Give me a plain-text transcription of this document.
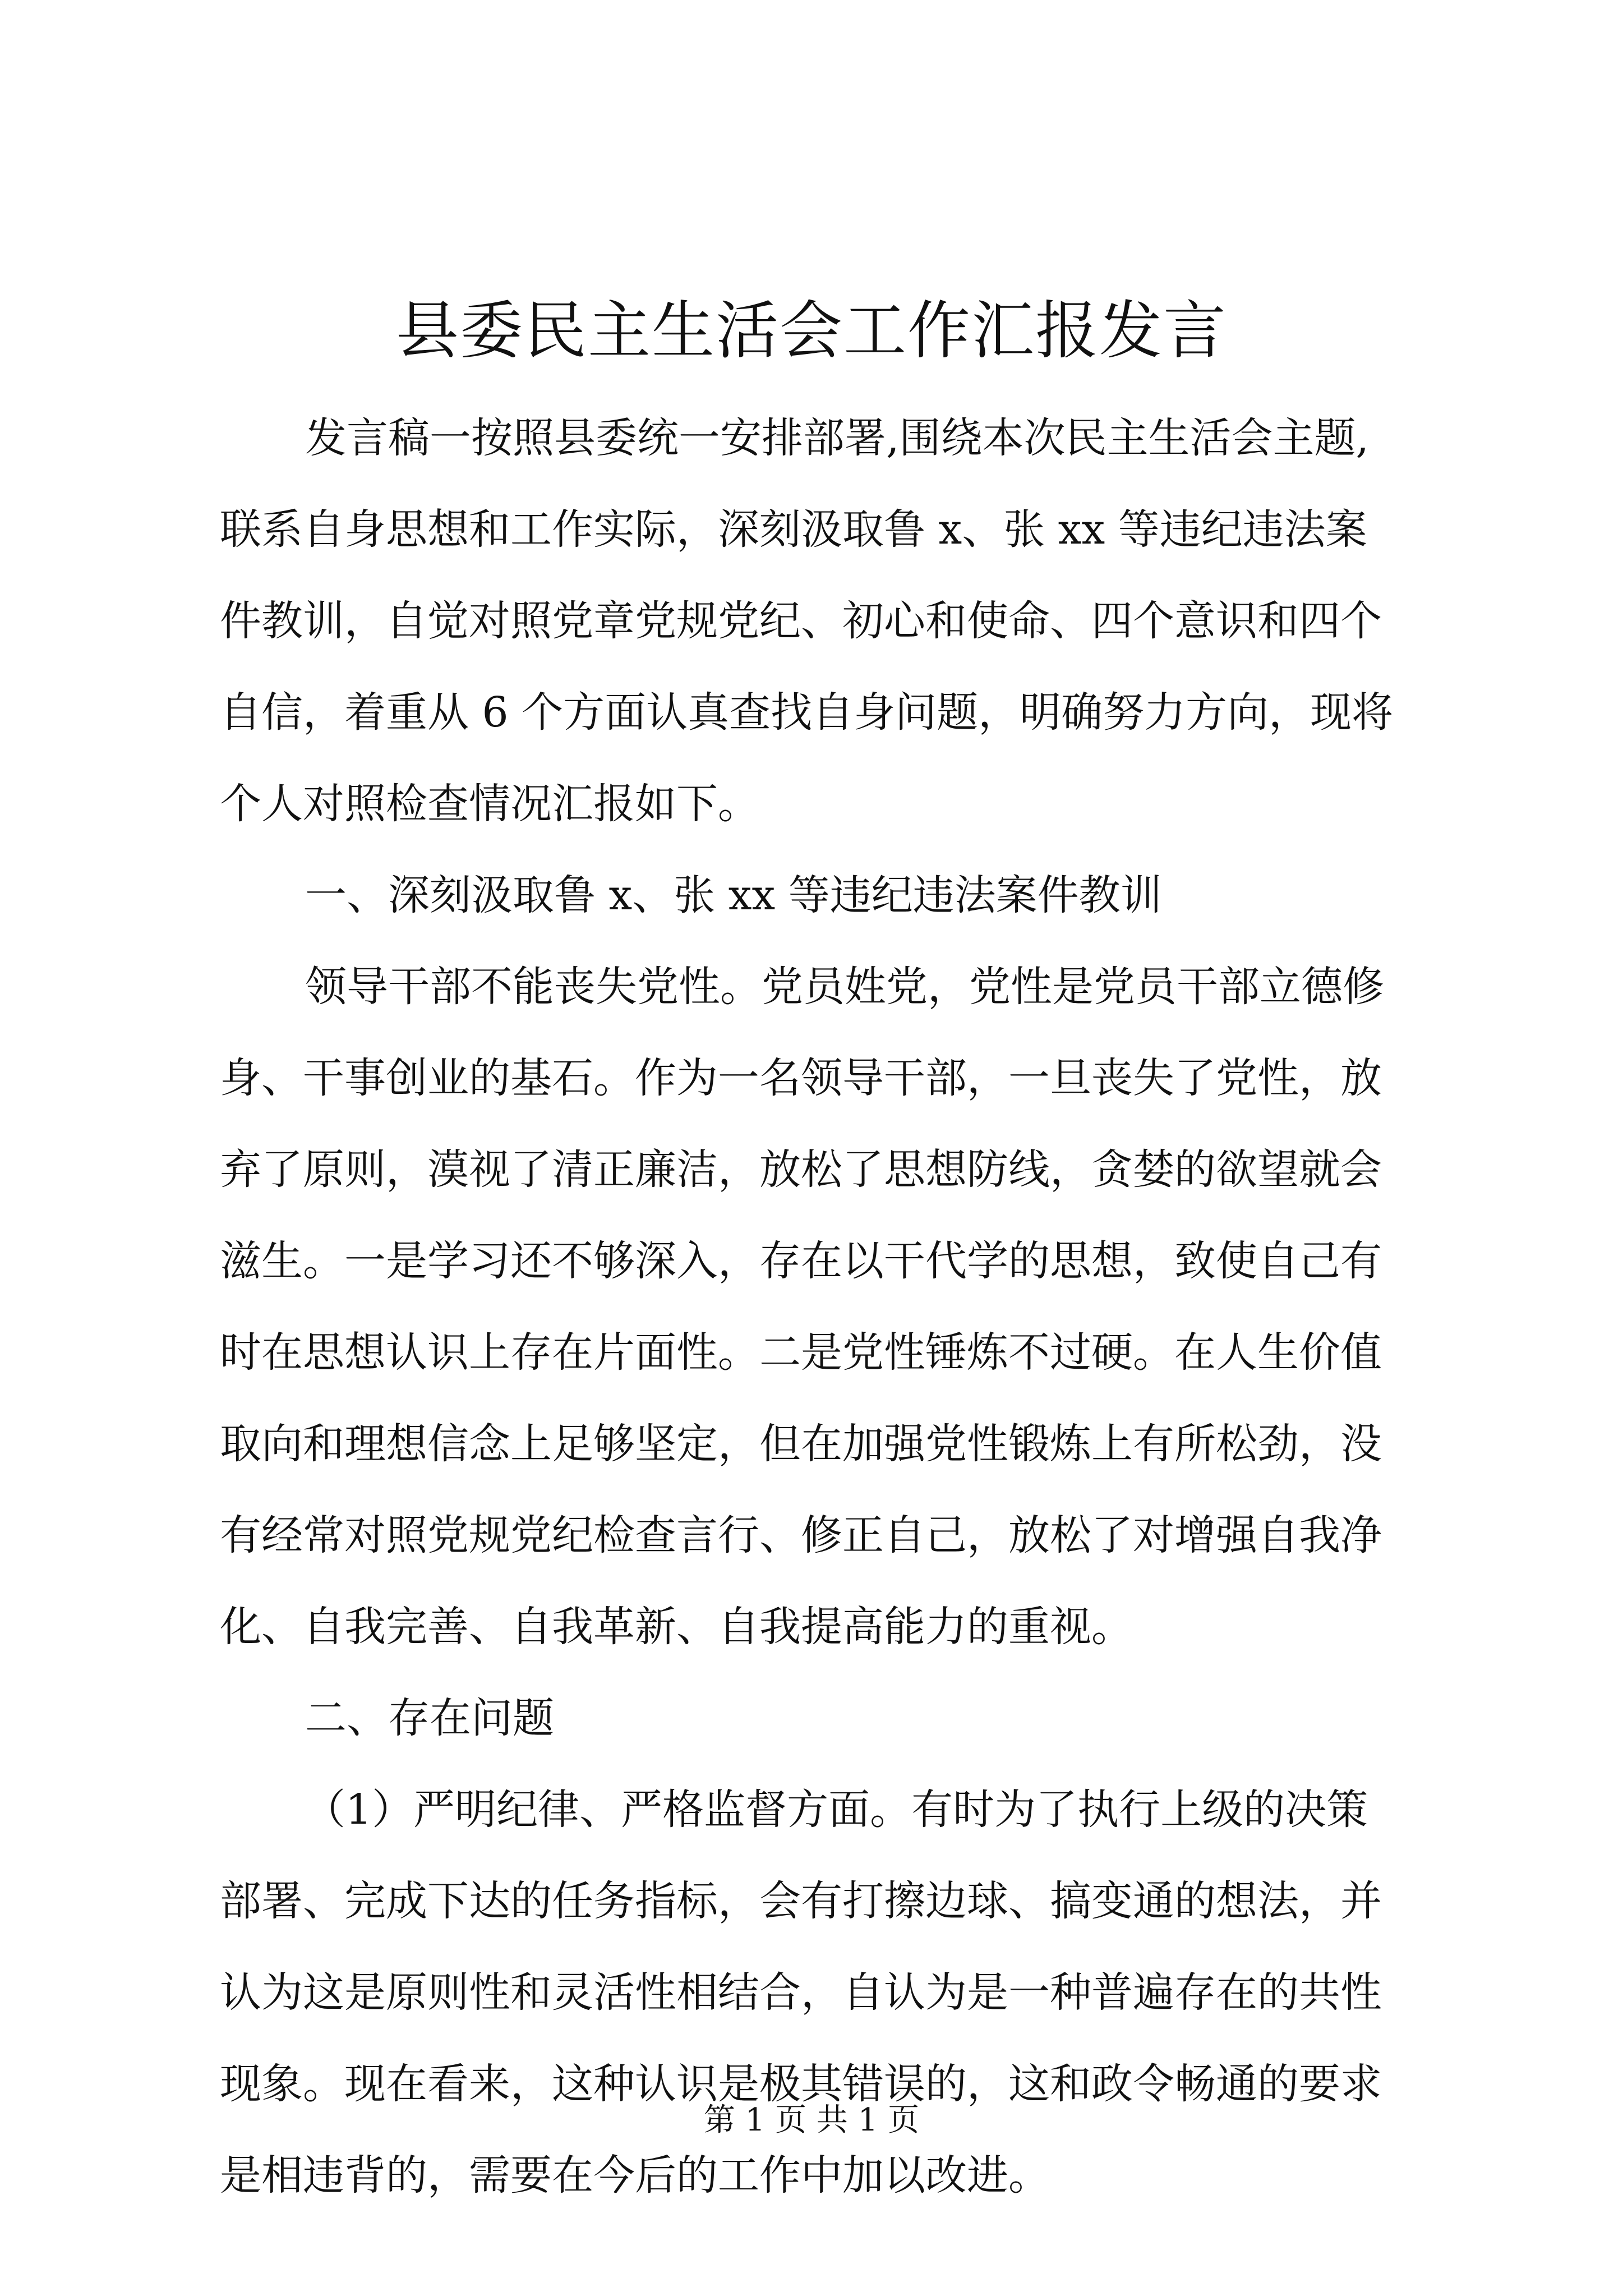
县委民主生活会工作汇报发言
发言稿一按照县委统一安排部署,围绕本次民主生活会主题,
联系自身思想和工作实际，深刻汲取鲁 x、张 xx 等违纪违法案
件教训，自觉对照党章党规党纪、初心和使命、四个意识和四个
自信，着重从 6 个方面认真查找自身问题，明确努力方向，现将
个人对照检查情况汇报如下。
一、深刻汲取鲁 x、张 xx 等违纪违法案件教训
领导干部不能丧失党性。党员姓党，党性是党员干部立德修
身、干事创业的基石。作为一名领导干部，一旦丧失了党性，放
弃了原则，漠视了清正廉洁，放松了思想防线，贪婪的欲望就会
滋生。一是学习还不够深入，存在以干代学的思想，致使自己有
时在思想认识上存在片面性。二是党性锤炼不过硬。在人生价值
取向和理想信念上足够坚定，但在加强党性锻炼上有所松劲，没
有经常对照党规党纪检查言行、修正自己，放松了对增强自我净
化、自我完善、自我革新、自我提高能力的重视。
二、存在问题
（1）严明纪律、严格监督方面。有时为了执行上级的决策
部署、完成下达的任务指标，会有打擦边球、搞变通的想法，并
认为这是原则性和灵活性相结合，自认为是一种普遍存在的共性
现象。现在看来，这种认识是极其错误的，这和政令畅通的要求
是相违背的，需要在今后的工作中加以改进。
第 1 页 共 1 页
